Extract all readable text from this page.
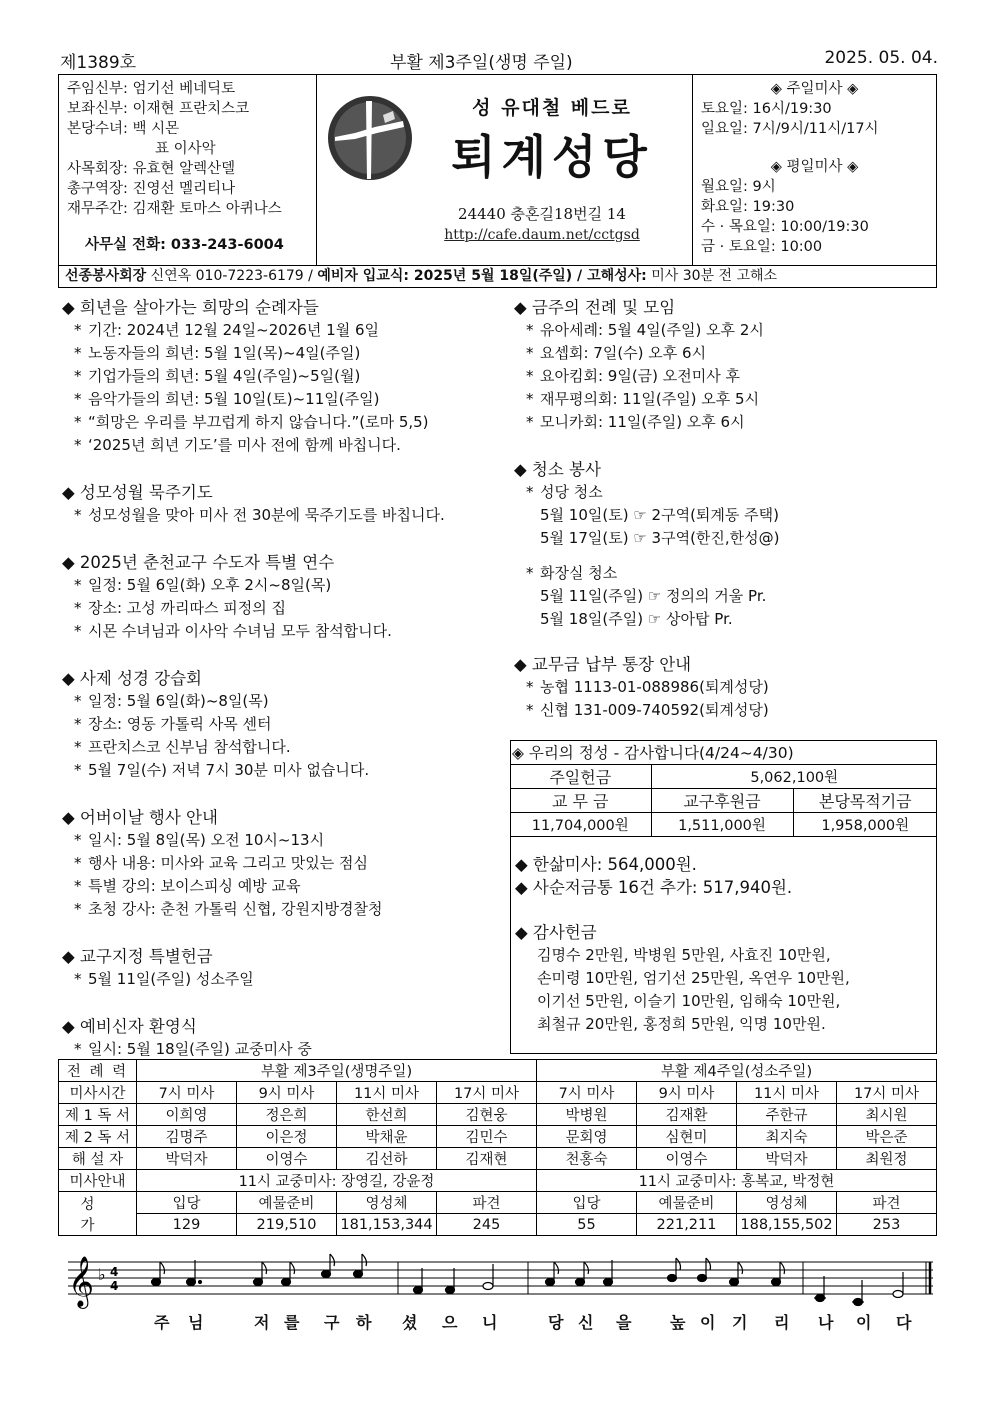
제1389호	부활 제3주일(생명 주일)	2025. 05. 04.
주임신부: 엄기선 베네딕토
보좌신부: 이재현 프란치스코
본당수녀: 백 시몬
표 이사악
사목회장: 유효현 알렉산델
총구역장: 진영선 멜리티나
재무주간: 김재환 토마스 아퀴나스
사무실 전화: 033-243-6004
성 유대철 베드로
퇴계성당
24440 충혼길18번길 14
http://cafe.daum.net/cctgsd
◈ 주일미사 ◈
토요일: 16시/19:30
일요일: 7시/9시/11시/17시
◈ 평일미사 ◈
월요일: 9시
화요일: 19:30
수 · 목요일: 10:00/19:30
금 · 토요일: 10:00
선종봉사회장 신연옥 010-7223-6179 / 예비자 입교식: 2025년 5월 18일(주일) / 고해성사: 미사 30분 전 고해소
◆ 희년을 살아가는 희망의 순례자들
* 기간: 2024년 12월 24일~2026년 1월 6일
* 노동자들의 희년: 5월 1일(목)~4일(주일)
* 기업가들의 희년: 5월 4일(주일)~5일(월)
* 음악가들의 희년: 5월 10일(토)~11일(주일)
* “희망은 우리를 부끄럽게 하지 않습니다.”(로마 5,5)
* ‘2025년 희년 기도’를 미사 전에 함께 바칩니다.
◆ 성모성월 묵주기도
* 성모성월을 맞아 미사 전 30분에 묵주기도를 바칩니다.
◆ 2025년 춘천교구 수도자 특별 연수
* 일정: 5월 6일(화) 오후 2시~8일(목)
* 장소: 고성 까리따스 피정의 집
* 시몬 수녀님과 이사악 수녀님 모두 참석합니다.
◆ 사제 성경 강습회
* 일정: 5월 6일(화)~8일(목)
* 장소: 영동 가톨릭 사목 센터
* 프란치스코 신부님 참석합니다.
* 5월 7일(수) 저녁 7시 30분 미사 없습니다.
◆ 어버이날 행사 안내
* 일시: 5월 8일(목) 오전 10시~13시
* 행사 내용: 미사와 교육 그리고 맛있는 점심
* 특별 강의: 보이스피싱 예방 교육
* 초청 강사: 춘천 가톨릭 신협, 강원지방경찰청
◆ 교구지정 특별헌금
* 5월 11일(주일) 성소주일
◆ 예비신자 환영식
* 일시: 5월 18일(주일) 교중미사 중
◆ 금주의 전례 및 모임
* 유아세례: 5월 4일(주일) 오후 2시
* 요셉회: 7일(수) 오후 6시
* 요아킴회: 9일(금) 오전미사 후
* 재무평의회: 11일(주일) 오후 5시
* 모니카회: 11일(주일) 오후 6시
◆ 청소 봉사
* 성당 청소
5월 10일(토) ☞ 2구역(퇴계동 주택)
5월 17일(토) ☞ 3구역(한진,한성@)
* 화장실 청소
5월 11일(주일) ☞ 정의의 거울 Pr.
5월 18일(주일) ☞ 상아탑 Pr.
◆ 교무금 납부 통장 안내
* 농협 1113-01-088986(퇴계성당)
* 신협 131-009-740592(퇴계성당)
◈ 우리의 정성 - 감사합니다(4/24~4/30)		
주일헌금	5,062,100원	
교 무 금	교구후원금	본당목적기금
11,704,000원	1,511,000원	1,958,000원
◆ 한삶미사: 564,000원.
◆ 사순저금통 16건 추가: 517,940원.
◆ 감사헌금
김명수 2만원, 박병원 5만원, 사효진 10만원,
손미령 10만원, 엄기선 25만원, 옥연우 10만원,
이기선 5만원, 이슬기 10만원, 임해숙 10만원,
최철규 20만원, 홍정희 5만원, 익명 10만원.
전 례 력	부활 제3주일(생명주일)				부활 제4주일(성소주일)			
미사시간	7시 미사	9시 미사	11시 미사	17시 미사	7시 미사	9시 미사	11시 미사	17시 미사
제 1 독 서	이희영	정은희	한선희	김현웅	박병원	김재환	주한규	최시원
제 2 독 서	김명주	이은정	박채윤	김민수	문회영	심현미	최지숙	박은준
해 설 자	박덕자	이영수	김선하	김재현	천홍숙	이영수	박덕자	최원정
미사안내	11시 교중미사: 장영길, 강윤정				11시 교중미사: 홍복교, 박정현			
성 가	입당	예물준비	영성체	파견	입당	예물준비	영성체	파견
	129	219,510	181,153,344	245	55	221,211	188,155,502	253
𝄞 ♭ 4
4
주 님	저 를 구 하 셨 으 니	당 신 을 높 이 기 리 나 이 다
